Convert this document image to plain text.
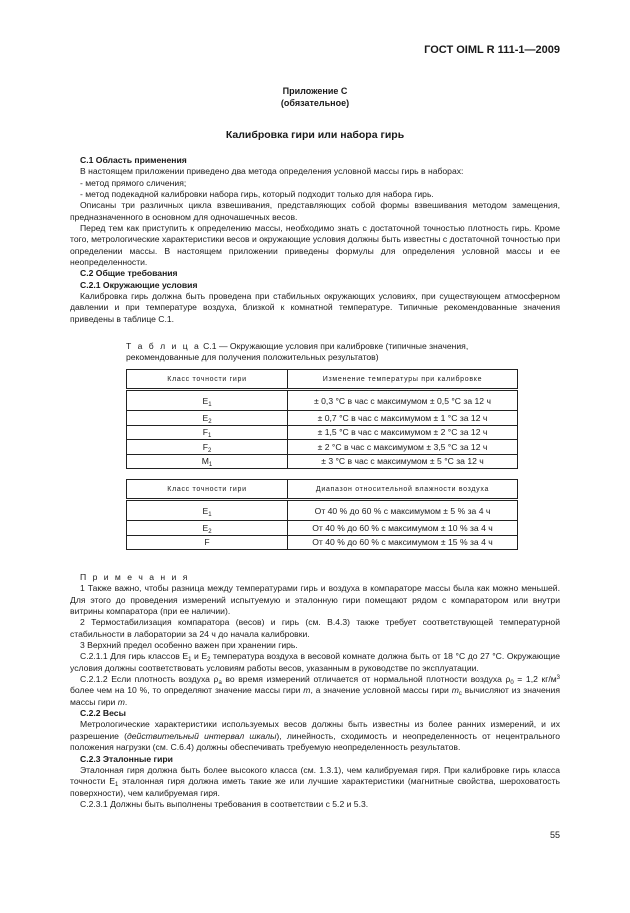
ГОСТ OIML R 111-1—2009
Приложение С
(обязательное)
Калибровка гири или набора гирь

С.1 Область применения

В настоящем приложении приведено два метода определения условной массы гирь в наборах:

- метод прямого сличения;

- метод подекадной калибровки набора гирь, который подходит только для набора гирь.

Описаны три различных цикла взвешивания, представляющих собой формы взвешивания методом замещения, предназначенного в основном для одночашечных весов.

Перед тем как приступить к определению массы, необходимо знать с достаточной точностью плотность гирь. Кроме того, метрологические характеристики весов и окружающие условия должны быть известны с достаточной точностью при определении массы. В настоящем приложении приведены формулы для определения условной массы и ее неопределенности.

С.2 Общие требования

С.2.1 Окружающие условия

Калибровка гирь должна быть проведена при стабильных окружающих условиях, при существующем атмосферном давлении и при температуре воздуха, близкой к комнатной температуре. Типичные рекомендованные значения приведены в таблице С.1.

Т а б л и ц а С.1 — Окружающие условия при калибровке (типичные значения, рекомендованные для получения положительных результатов)
Класс точности гири	Изменение температуры при калибровке
$E_1$	± 0,3 °С в час с максимумом ± 0,5 °С за 12 ч
$E_2$	± 0,7 °С в час с максимумом ± 1 °С за 12 ч
$F_1$	± 1,5 °С в час с максимумом ± 2 °С за 12 ч
$F_2$	± 2 °С в час с максимумом ± 3,5 °С за 12 ч
$M_1$	± 3 °С в час с максимумом ± 5 °С за 12 ч
Класс точности гири	Диапазон относительной влажности воздуха
$E_1$	От 40 % до 60 % с максимумом ± 5 % за 4 ч
$E_2$	От 40 % до 60 % с максимумом ± 10 % за 4 ч
F	От 40 % до 60 % с максимумом ± 15 % за 4 ч

П р и м е ч а н и я

1 Также важно, чтобы разница между температурами гирь и воздуха в компараторе массы была как можно меньшей. Для этого до проведения измерений испытуемую и эталонную гири помещают рядом с компаратором или внутри витрины компаратора (при ее наличии).

2 Термостабилизация компаратора (весов) и гирь (см. В.4.3) также требует соответствующей температурной стабильности в лаборатории за 24 ч до начала калибровки.

3 Верхний предел особенно важен при хранении гирь.

С.2.1.1 Для гирь классов $E_1$ и $E_2$ температура воздуха в весовой комнате должна быть от 18 °С до 27 °С. Окружающие условия должны соответствовать условиям работы весов, указанным в руководстве по эксплуатации.

С.2.1.2 Если плотность воздуха $\rho_a$ во время измерений отличается от нормальной плотности воздуха $\rho_0 = 1,2$ $кг/м^3$ более чем на 10 %, то определяют значение массы гири m, а значение условной массы гири $m_c$ вычисляют из значения массы гири m.

С.2.2 Весы

Метрологические характеристики используемых весов должны быть известны из более ранних измерений, и их разрешение (действительный интервал шкалы), линейность, сходимость и неопределенность от нецентрального положения нагрузки (см. С.6.4) должны обеспечивать требуемую неопределенность результатов.

С.2.3 Эталонные гири

Эталонная гиря должна быть более высокого класса (см. 1.3.1), чем калибруемая гиря. При калибровке гирь класса точности $E_1$ эталонная гиря должна иметь такие же или лучшие характеристики (магнитные свойства, шероховатость поверхности), чем калибруемая гиря.

С.2.3.1 Должны быть выполнены требования в соответствии с 5.2 и 5.3.

55
